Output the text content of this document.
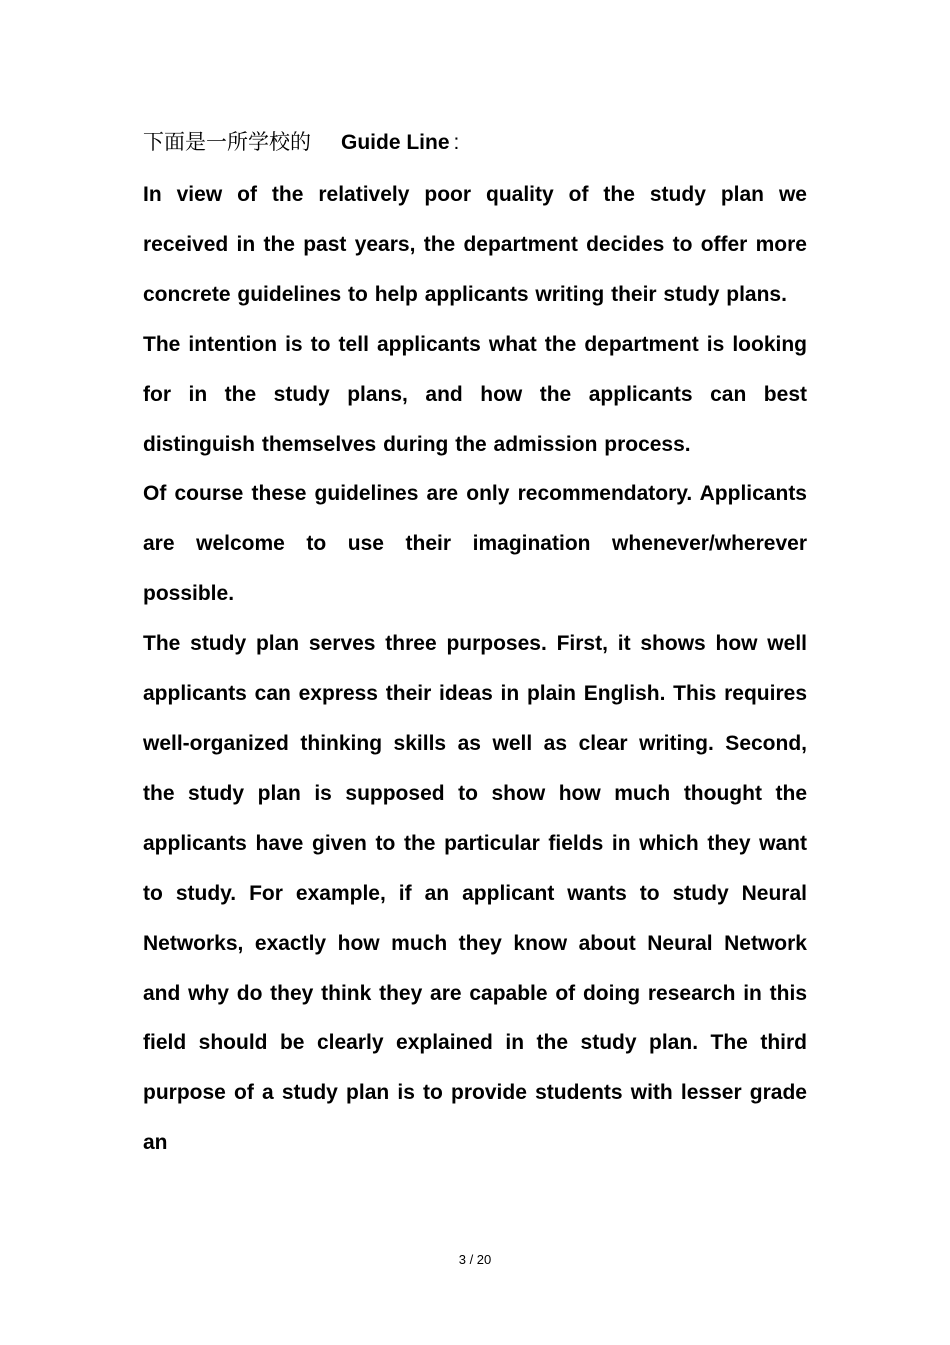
下面是一所学校的 Guide Line :

In view of the relatively poor quality of the study plan we received in the past years, the department decides to offer more concrete guidelines to help applicants writing their study plans.

The intention is to tell applicants what the department is looking for in the study plans, and how the applicants can best distinguish themselves during the admission process.

Of course these guidelines are only recommendatory. Applicants are welcome to use their imagination whenever/wherever possible.

The study plan serves three purposes. First, it shows how well applicants can express their ideas in plain English. This requires well-organized thinking skills as well as clear writing. Second, the study plan is supposed to show how much thought the applicants have given to the particular fields in which they want to study. For example, if an applicant wants to study Neural Networks, exactly how much they know about Neural Network and why do they think they are capable of doing research in this field should be clearly explained in the study plan. The third purpose of a study plan is to provide students with lesser grade an

3 / 20
